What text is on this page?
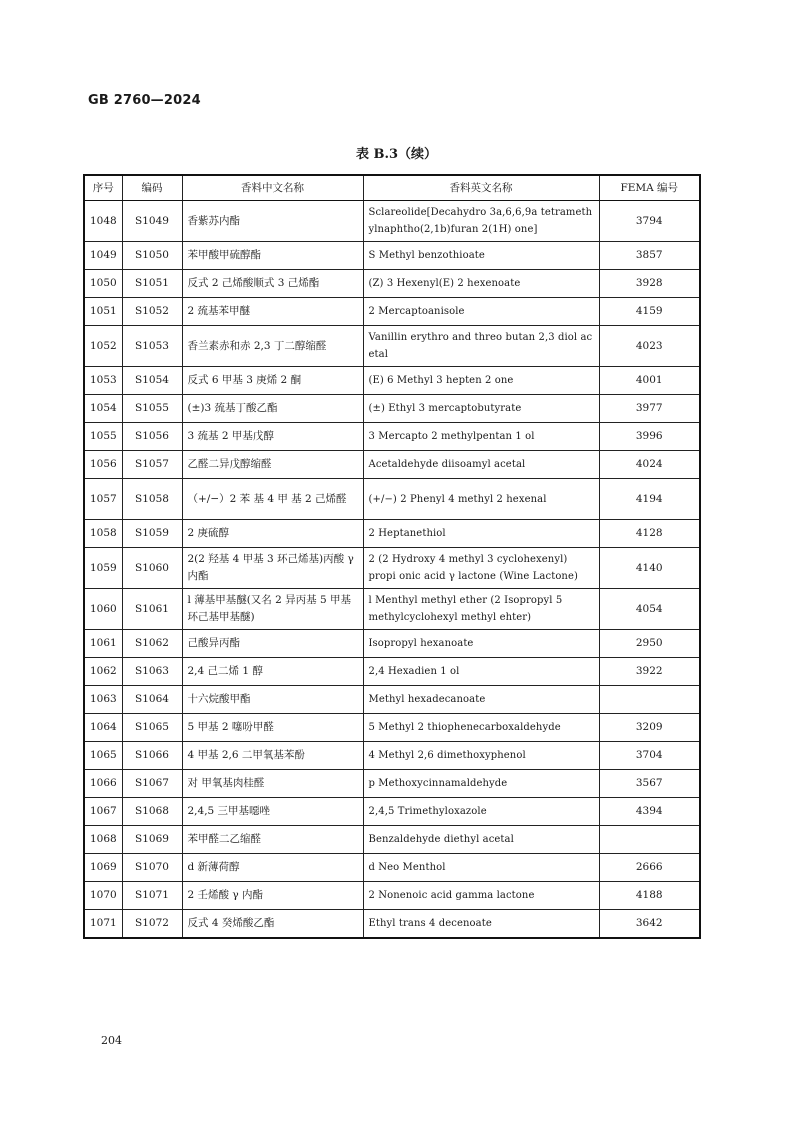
GB 2760—2024
表 B.3（续）
序号	编码	香料中文名称	香料英文名称	FEMA 编号
1048	S1049	香紫苏内酯	Sclareolide[Decahydro 3a,6,6,9a tetrameth ylnaphtho(2,1b)furan 2(1H) one]	3794
1049	S1050	苯甲酸甲硫醇酯	S Methyl benzothioate	3857
1050	S1051	反式 2 己烯酸顺式 3 己烯酯	(Z) 3 Hexenyl(E) 2 hexenoate	3928
1051	S1052	2 巯基苯甲醚	2 Mercaptoanisole	4159
1052	S1053	香兰素赤和赤 2,3 丁二醇缩醛	Vanillin erythro and threo butan 2,3 diol ac etal	4023
1053	S1054	反式 6 甲基 3 庚烯 2 酮	(E) 6 Methyl 3 hepten 2 one	4001
1054	S1055	(±)3 巯基丁酸乙酯	(±) Ethyl 3 mercaptobutyrate	3977
1055	S1056	3 巯基 2 甲基戊醇	3 Mercapto 2 methylpentan 1 ol	3996
1056	S1057	乙醛二异戊醇缩醛	Acetaldehyde diisoamyl acetal	4024
1057	S1058	（+/−）2 苯 基 4 甲 基 2 己烯醛	(+/−) 2 Phenyl 4 methyl 2 hexenal	4194
1058	S1059	2 庚硫醇	2 Heptanethiol	4128
1059	S1060	2(2 羟基 4 甲基 3 环己烯基)丙酸 γ 内酯	2 (2 Hydroxy 4 methyl 3 cyclohexenyl) propi onic acid γ lactone (Wine Lactone)	4140
1060	S1061	l 薄基甲基醚(又名 2 异丙基 5 甲基环己基甲基醚)	l Menthyl methyl ether (2 Isopropyl 5 methylcyclohexyl methyl ehter)	4054
1061	S1062	己酸异丙酯	Isopropyl hexanoate	2950
1062	S1063	2,4 己二烯 1 醇	2,4 Hexadien 1 ol	3922
1063	S1064	十六烷酸甲酯	Methyl hexadecanoate	
1064	S1065	5 甲基 2 噻吩甲醛	5 Methyl 2 thiophenecarboxaldehyde	3209
1065	S1066	4 甲基 2,6 二甲氧基苯酚	4 Methyl 2,6 dimethoxyphenol	3704
1066	S1067	对 甲氧基肉桂醛	p Methoxycinnamaldehyde	3567
1067	S1068	2,4,5 三甲基噁唑	2,4,5 Trimethyloxazole	4394
1068	S1069	苯甲醛二乙缩醛	Benzaldehyde diethyl acetal	
1069	S1070	d 新薄荷醇	d Neo Menthol	2666
1070	S1071	2 壬烯酸 γ 内酯	2 Nonenoic acid gamma lactone	4188
1071	S1072	反式 4 癸烯酸乙酯	Ethyl trans 4 decenoate	3642
204
